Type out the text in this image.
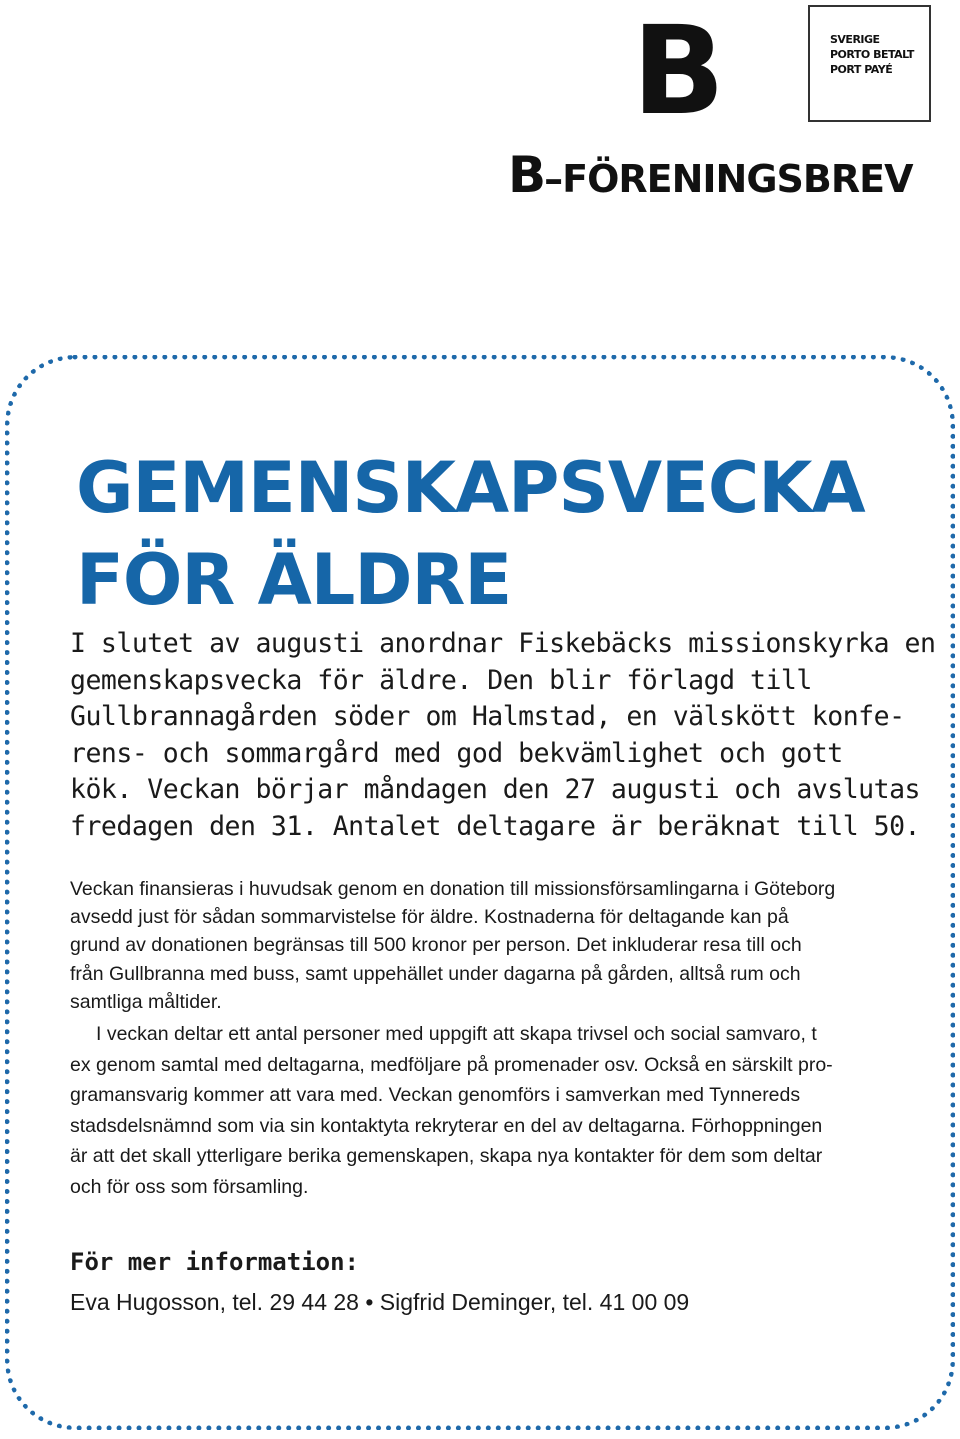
B	SVERIGE
PORTO BETALT
PORT PAYÉ
B–FÖRENINGSBREV
GEMENSKAPSVECKA
FÖR ÄLDRE

I slutet av augusti anordnar Fiskebäcks missionskyrka en
gemenskapsvecka för äldre. Den blir förlagd till
Gullbrannagården söder om Halmstad, en välskött konfe-
rens- och sommargård med god bekvämlighet och gott
kök. Veckan börjar måndagen den 27 augusti och avslutas
fredagen den 31. Antalet deltagare är beräknat till 50.

Veckan finansieras i huvudsak genom en donation till missionsförsamlingarna i Göteborg
avsedd just för sådan sommarvistelse för äldre. Kostnaderna för deltagande kan på
grund av donationen begränsas till 500 kronor per person. Det inkluderar resa till och
från Gullbranna med buss, samt uppehället under dagarna på gården, alltså rum och
samtliga måltider.

I veckan deltar ett antal personer med uppgift att skapa trivsel och social samvaro, t
ex genom samtal med deltagarna, medföljare på promenader osv. Också en särskilt pro-
gramansvarig kommer att vara med. Veckan genomförs i samverkan med Tynnereds
stadsdelsnämnd som via sin kontaktyta rekryterar en del av deltagarna. Förhoppningen
är att det skall ytterligare berika gemenskapen, skapa nya kontakter för dem som deltar
och för oss som församling.

För mer information:

Eva Hugosson, tel. 29 44 28 • Sigfrid Deminger, tel. 41 00 09
